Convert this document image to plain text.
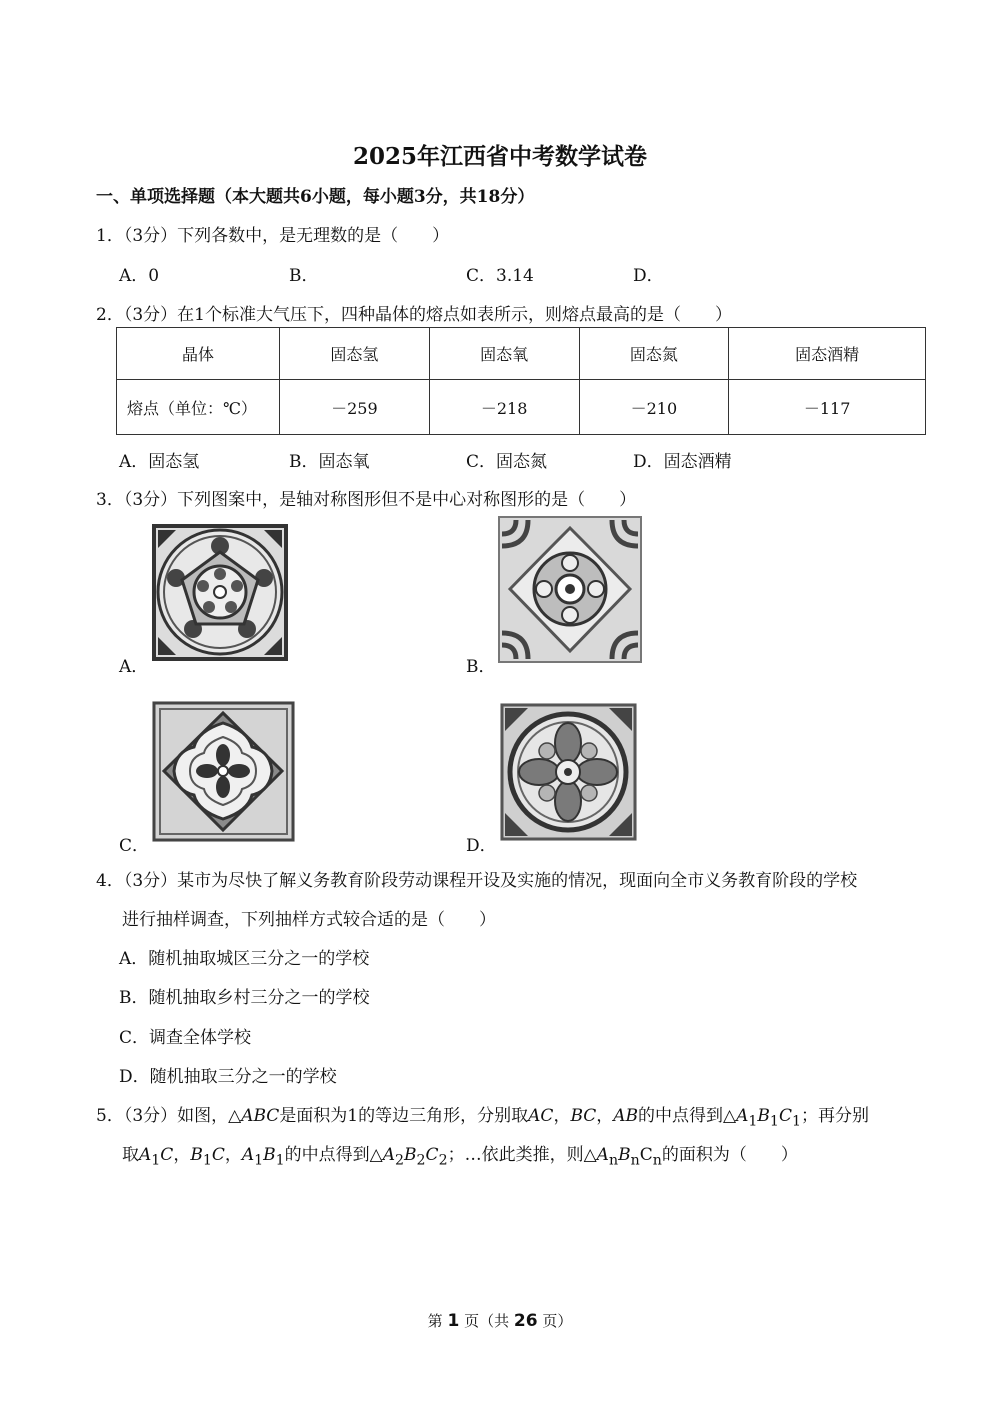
2025年江西省中考数学试卷
一、单项选择题（本大题共6小题，每小题3分，共18分）
1．（3分）下列各数中，是无理数的是（　　）
A．0	B．	C．3.14	D．
2．（3分）在1个标准大气压下，四种晶体的熔点如表所示，则熔点最高的是（　　）
晶体	固态氢	固态氧	固态氮	固态酒精
熔点（单位：℃）	－259	－218	－210	－117
A．固态氢	B．固态氧	C．固态氮	D．固态酒精
3．（3分）下列图案中，是轴对称图形但不是中心对称图形的是（　　）
A．	B．
C．	D．
4．（3分）某市为尽快了解义务教育阶段劳动课程开设及实施的情况，现面向全市义务教育阶段的学校
进行抽样调查，下列抽样方式较合适的是（　　）
A．随机抽取城区三分之一的学校
B．随机抽取乡村三分之一的学校
C．调查全体学校
D．随机抽取三分之一的学校
5．（3分）如图，△ABC是面积为1的等边三角形，分别取AC，BC，AB的中点得到$\triangle A_1B_1C_1$；再分别
取$A_1C$，$B_1C$，$A_1B_1$的中点得到$\triangle A_2B_2C_2$；…依此类推，则$\triangle A_nB_nC_n$的面积为（　　）
第 1 页（共 26 页）
